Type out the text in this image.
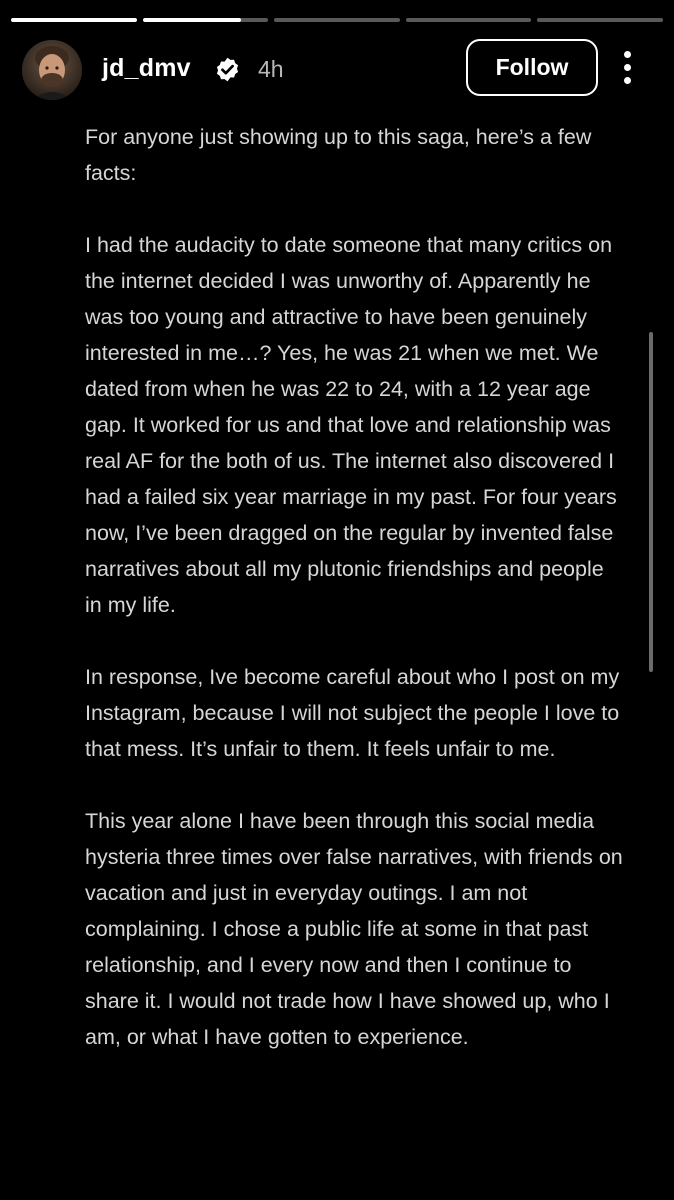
jd_dmv	4h	Follow

For anyone just showing up to this saga, here’s a few facts:

I had the audacity to date someone that many critics on the internet decided I was unworthy of. Apparently he was too young and attractive to have been genuinely interested in me…? Yes, he was 21 when we met. We dated from when he was 22 to 24, with a 12 year age gap. It worked for us and that love and relationship was real AF for the both of us. The internet also discovered I had a failed six year marriage in my past. For four years now, I’ve been dragged on the regular by invented false narratives about all my plutonic friendships and people in my life.

In response, Ive become careful about who I post on my Instagram, because I will not subject the people I love to that mess. It’s unfair to them. It feels unfair to me.

This year alone I have been through this social media hysteria three times over false narratives, with friends on vacation and just in everyday outings. I am not complaining. I chose a public life at some in that past relationship, and I every now and then I continue to share it. I would not trade how I have showed up, who I am, or what I have gotten to experience.
